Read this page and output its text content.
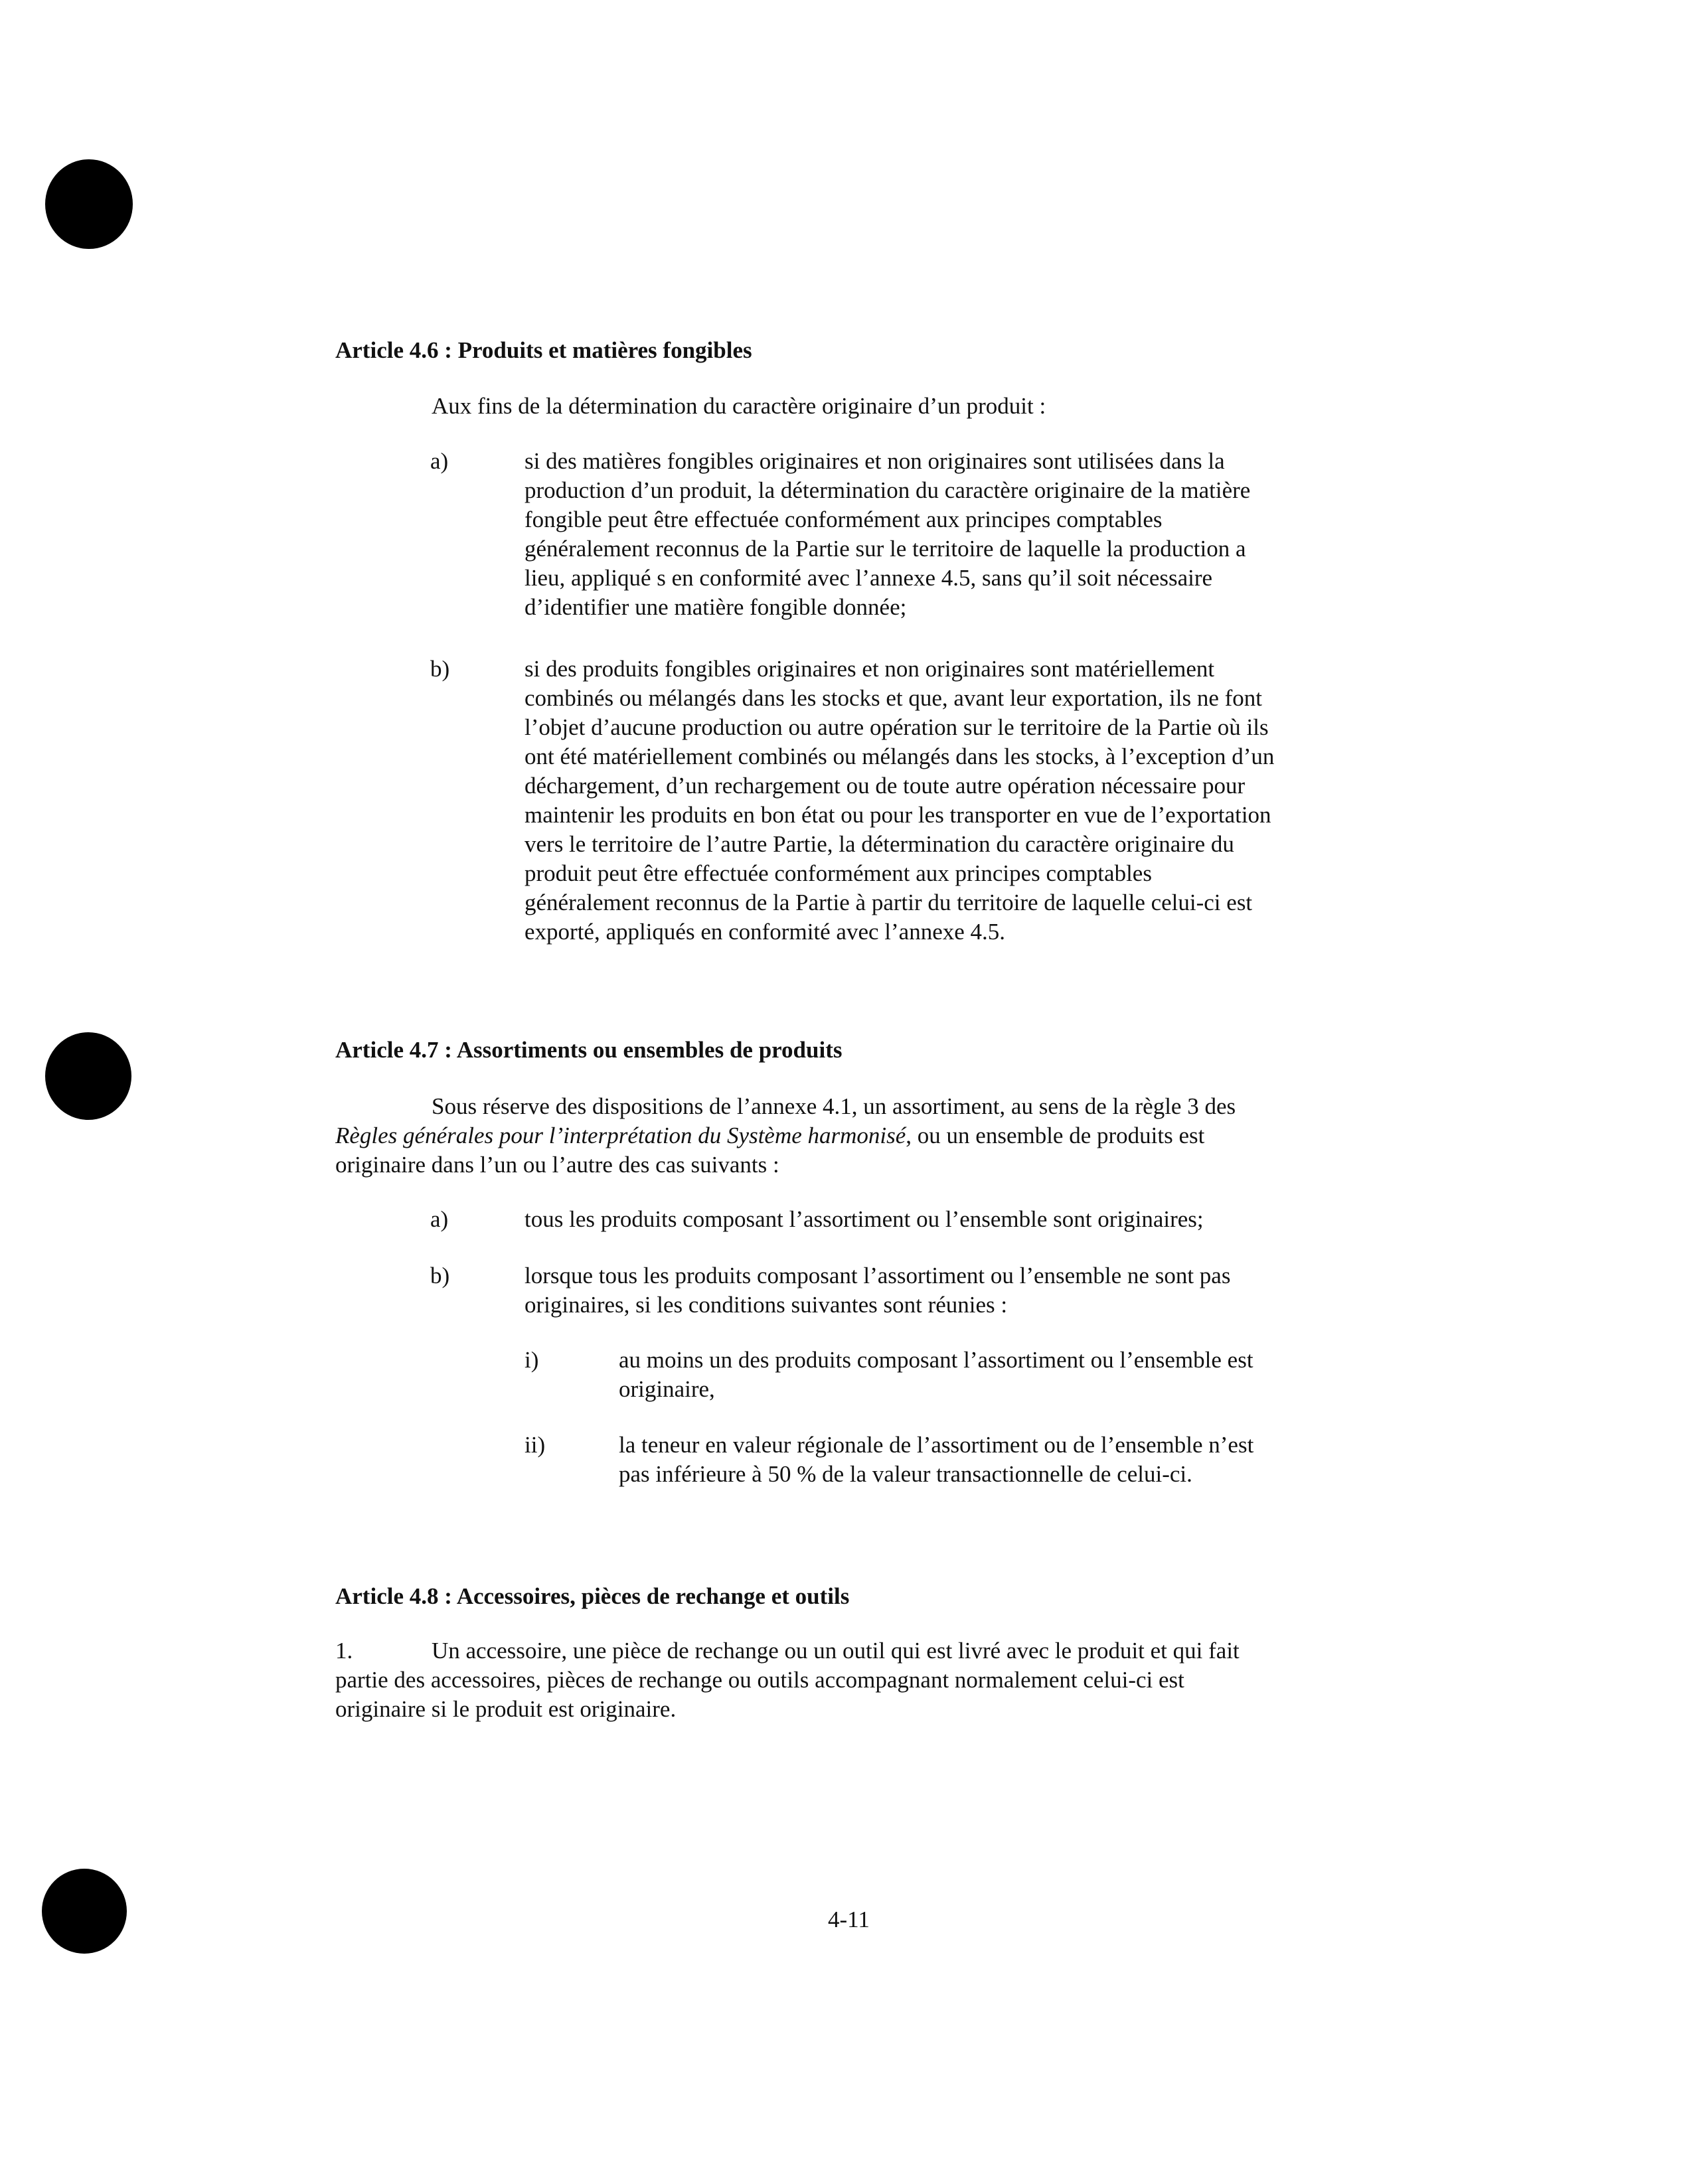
Article 4.6 : Produits et matières fongibles
Aux fins de la détermination du caractère originaire d’un produit :
a)	si des matières fongibles originaires et non originaires sont utilisées dans la
production d’un produit, la détermination du caractère originaire de la matière
fongible peut être effectuée conformément aux principes comptables
généralement reconnus de la Partie sur le territoire de laquelle la production a
lieu, appliqué s en conformité avec l’annexe 4.5, sans qu’il soit nécessaire
d’identifier une matière fongible donnée;
b)	si des produits fongibles originaires et non originaires sont matériellement
combinés ou mélangés dans les stocks et que, avant leur exportation, ils ne font
l’objet d’aucune production ou autre opération sur le territoire de la Partie où ils
ont été matériellement combinés ou mélangés dans les stocks, à l’exception d’un
déchargement, d’un rechargement ou de toute autre opération nécessaire pour
maintenir les produits en bon état ou pour les transporter en vue de l’exportation
vers le territoire de l’autre Partie, la détermination du caractère originaire du
produit peut être effectuée conformément aux principes comptables
généralement reconnus de la Partie à partir du territoire de laquelle celui-ci est
exporté, appliqués en conformité avec l’annexe 4.5.
Article 4.7 : Assortiments ou ensembles de produits
Sous réserve des dispositions de l’annexe 4.1, un assortiment, au sens de la règle 3 des
Règles générales pour l’interprétation du Système harmonisé, ou un ensemble de produits est
originaire dans l’un ou l’autre des cas suivants :
a)	tous les produits composant l’assortiment ou l’ensemble sont originaires;
b)	lorsque tous les produits composant l’assortiment ou l’ensemble ne sont pas
originaires, si les conditions suivantes sont réunies :
i)	au moins un des produits composant l’assortiment ou l’ensemble est
originaire,
ii)	la teneur en valeur régionale de l’assortiment ou de l’ensemble n’est
pas inférieure à 50 % de la valeur transactionnelle de celui-ci.
Article 4.8 : Accessoires, pièces de rechange et outils
1.	Un accessoire, une pièce de rechange ou un outil qui est livré avec le produit et qui fait
partie des accessoires, pièces de rechange ou outils accompagnant normalement celui-ci est
originaire si le produit est originaire.
4-11
